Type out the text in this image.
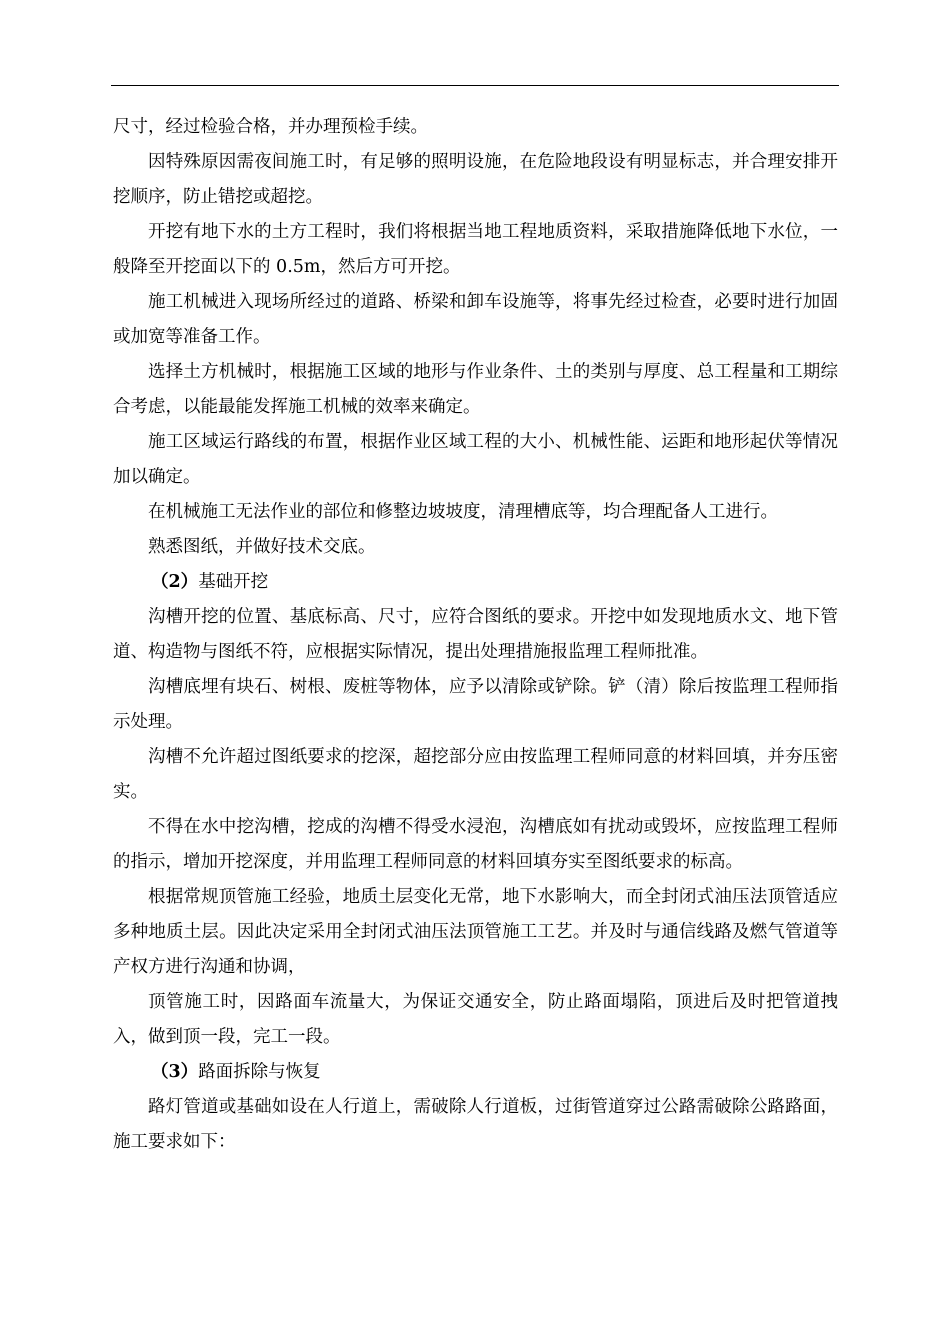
尺寸，经过检验合格，并办理预检手续。

因特殊原因需夜间施工时，有足够的照明设施，在危险地段设有明显标志，并合理安排开挖顺序，防止错挖或超挖。

开挖有地下水的土方工程时，我们将根据当地工程地质资料，采取措施降低地下水位，一般降至开挖面以下的 0.5m，然后方可开挖。

施工机械进入现场所经过的道路、桥梁和卸车设施等，将事先经过检查，必要时进行加固或加宽等准备工作。

选择土方机械时，根据施工区域的地形与作业条件、土的类别与厚度、总工程量和工期综合考虑，以能最能发挥施工机械的效率来确定。

施工区域运行路线的布置，根据作业区域工程的大小、机械性能、运距和地形起伏等情况加以确定。

在机械施工无法作业的部位和修整边坡坡度，清理槽底等，均合理配备人工进行。

熟悉图纸，并做好技术交底。

（2）基础开挖

沟槽开挖的位置、基底标高、尺寸，应符合图纸的要求。开挖中如发现地质水文、地下管道、构造物与图纸不符，应根据实际情况，提出处理措施报监理工程师批准。

沟槽底埋有块石、树根、废桩等物体，应予以清除或铲除。铲（清）除后按监理工程师指示处理。

沟槽不允许超过图纸要求的挖深，超挖部分应由按监理工程师同意的材料回填，并夯压密实。

不得在水中挖沟槽，挖成的沟槽不得受水浸泡，沟槽底如有扰动或毁坏，应按监理工程师的指示，增加开挖深度，并用监理工程师同意的材料回填夯实至图纸要求的标高。

根据常规顶管施工经验，地质土层变化无常，地下水影响大，而全封闭式油压法顶管适应多种地质土层。因此决定采用全封闭式油压法顶管施工工艺。并及时与通信线路及燃气管道等产权方进行沟通和协调，

顶管施工时，因路面车流量大，为保证交通安全，防止路面塌陷，顶进后及时把管道拽入，做到顶一段，完工一段。

（3）路面拆除与恢复

路灯管道或基础如设在人行道上，需破除人行道板，过街管道穿过公路需破除公路路面，施工要求如下：
